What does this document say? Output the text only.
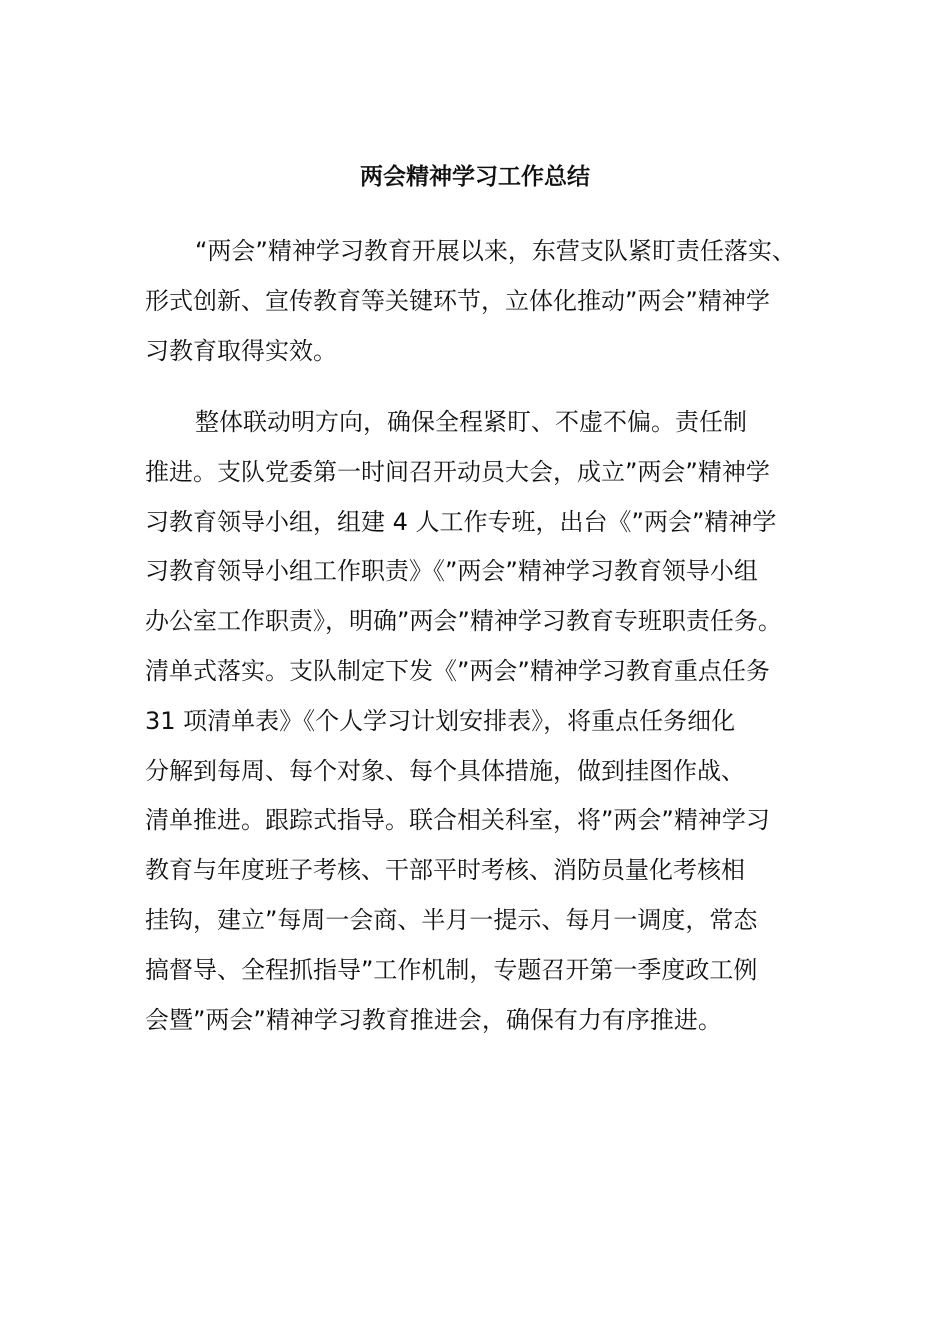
两会精神学习工作总结
“两会”精神学习教育开展以来，东营支队紧盯责任落实、
形式创新、宣传教育等关键环节，立体化推动”两会”精神学
习教育取得实效。
整体联动明方向，确保全程紧盯、不虚不偏。责任制
推进。支队党委第一时间召开动员大会，成立”两会”精神学
习教育领导小组，组建 4 人工作专班，出台《”两会”精神学
习教育领导小组工作职责》《”两会”精神学习教育领导小组
办公室工作职责》，明确”两会”精神学习教育专班职责任务。
清单式落实。支队制定下发《”两会”精神学习教育重点任务
31 项清单表》《个人学习计划安排表》，将重点任务细化
分解到每周、每个对象、每个具体措施，做到挂图作战、
清单推进。跟踪式指导。联合相关科室，将”两会”精神学习
教育与年度班子考核、干部平时考核、消防员量化考核相
挂钩，建立”每周一会商、半月一提示、每月一调度，常态
搞督导、全程抓指导”工作机制，专题召开第一季度政工例
会暨”两会”精神学习教育推进会，确保有力有序推进。
